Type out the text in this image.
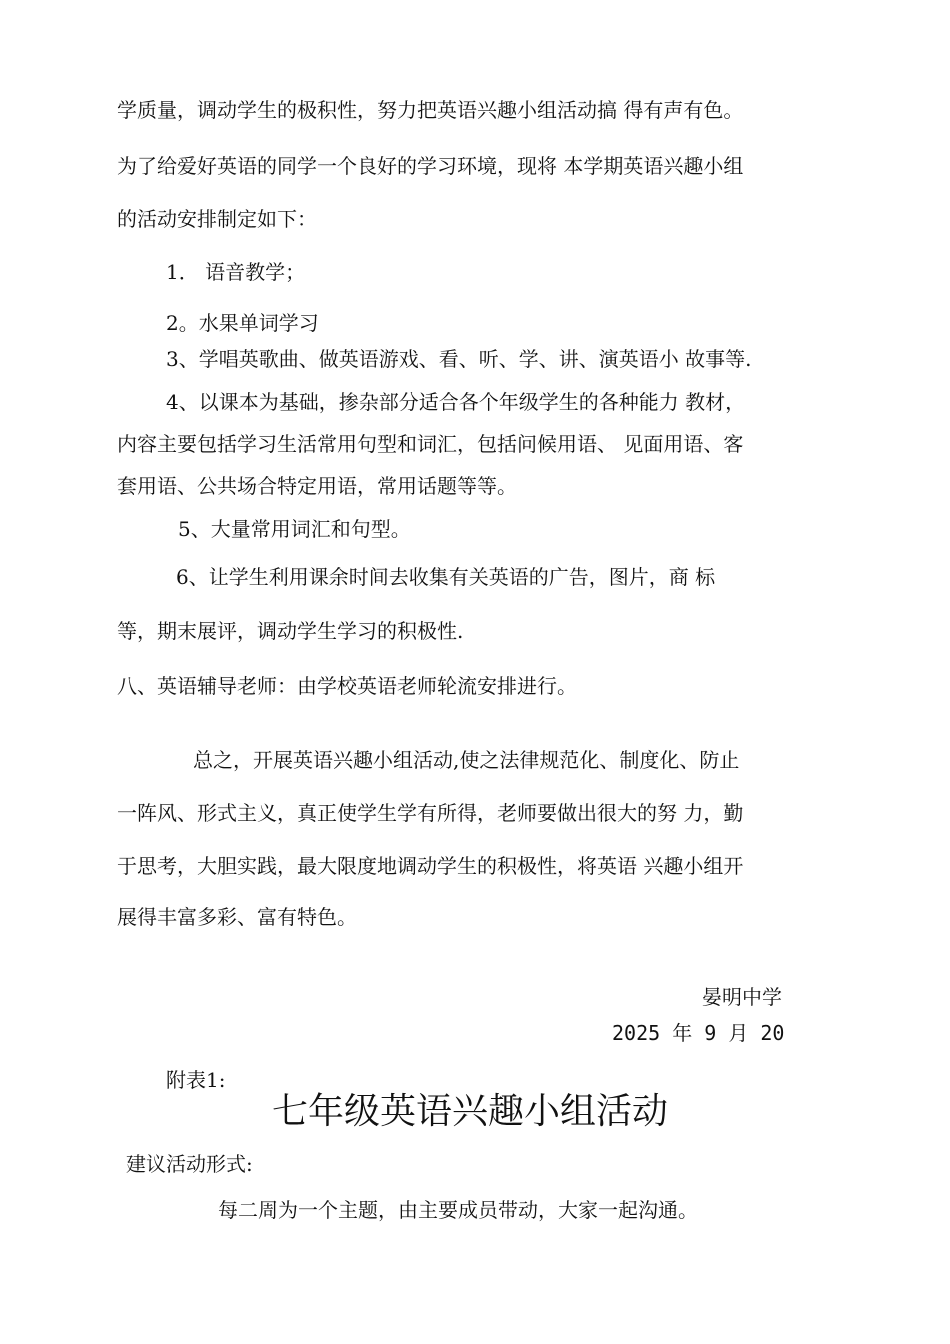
学质量，调动学生的极积性，努力把英语兴趣小组活动搞 得有声有色。
为了给爱好英语的同学一个良好的学习环境，现将 本学期英语兴趣小组
的活动安排制定如下：
1． 语音教学；
2。水果单词学习
3、学唱英歌曲、做英语游戏、看、听、学、讲、演英语小 故事等.
4、以课本为基础，掺杂部分适合各个年级学生的各种能力 教材，
内容主要包括学习生活常用句型和词汇，包括问候用语、 见面用语、客
套用语、公共场合特定用语，常用话题等等。
5、大量常用词汇和句型。
6、让学生利用课余时间去收集有关英语的广告，图片，商 标
等，期末展评，调动学生学习的积极性.
八、英语辅导老师：由学校英语老师轮流安排进行。
总之，开展英语兴趣小组活动,使之法律规范化、制度化、防止
一阵风、形式主义，真正使学生学有所得，老师要做出很大的努 力，勤
于思考，大胆实践，最大限度地调动学生的积极性，将英语 兴趣小组开
展得丰富多彩、富有特色。
晏明中学
2025 年 9 月 20
附表1:
七年级英语兴趣小组活动
建议活动形式:
每二周为一个主题，由主要成员带动，大家一起沟通。
